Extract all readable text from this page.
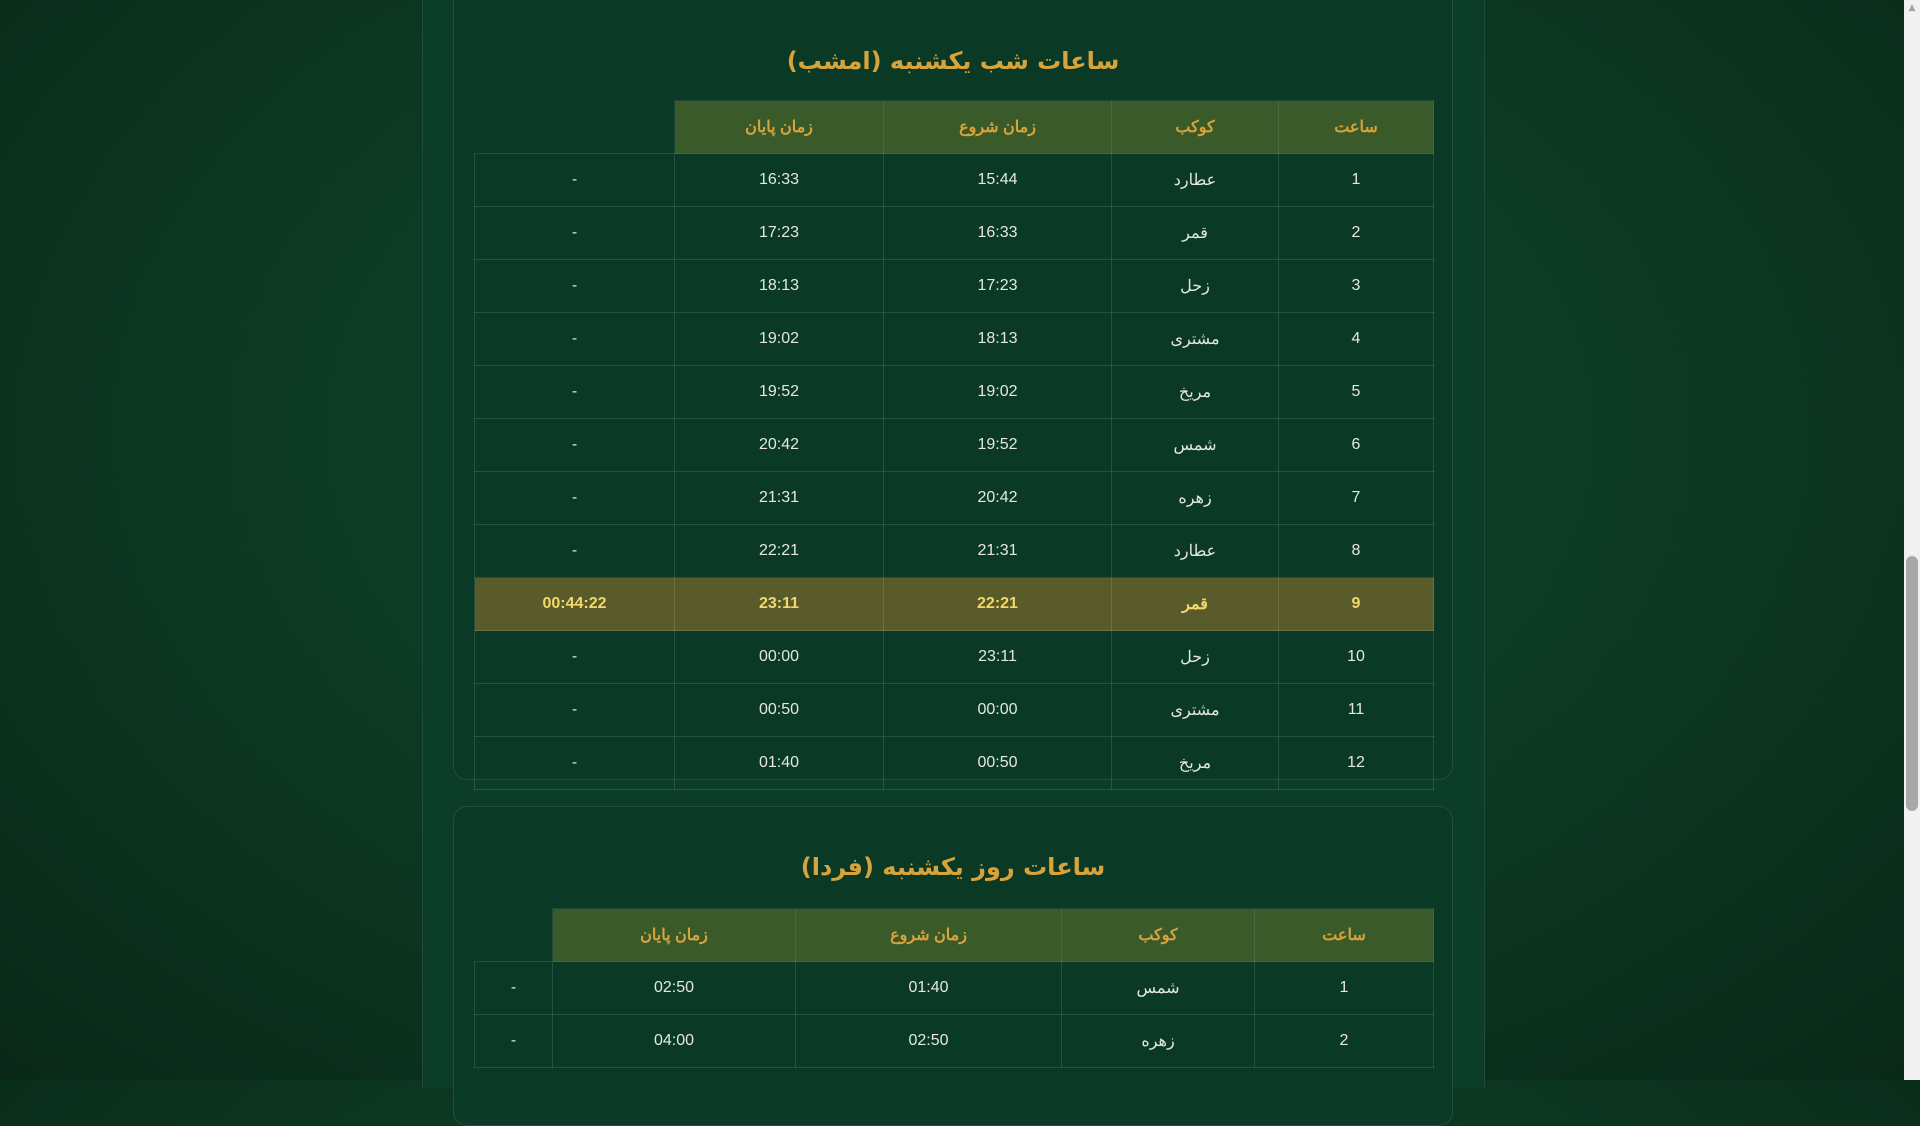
ساعات شب یکشنبه (امشب)
ساعت	کوکب	زمان شروع	زمان پایان	
1	عطارد	15:44	16:33	-
2	قمر	16:33	17:23	-
3	زحل	17:23	18:13	-
4	مشتری	18:13	19:02	-
5	مریخ	19:02	19:52	-
6	شمس	19:52	20:42	-
7	زهره	20:42	21:31	-
8	عطارد	21:31	22:21	-
9	قمر	22:21	23:11	00:44:22
10	زحل	23:11	00:00	-
11	مشتری	00:00	00:50	-
12	مریخ	00:50	01:40	-
ساعات روز یکشنبه (فردا)
ساعت	کوکب	زمان شروع	زمان پایان	
1	شمس	01:40	02:50	-
2	زهره	02:50	04:00	-
▲
